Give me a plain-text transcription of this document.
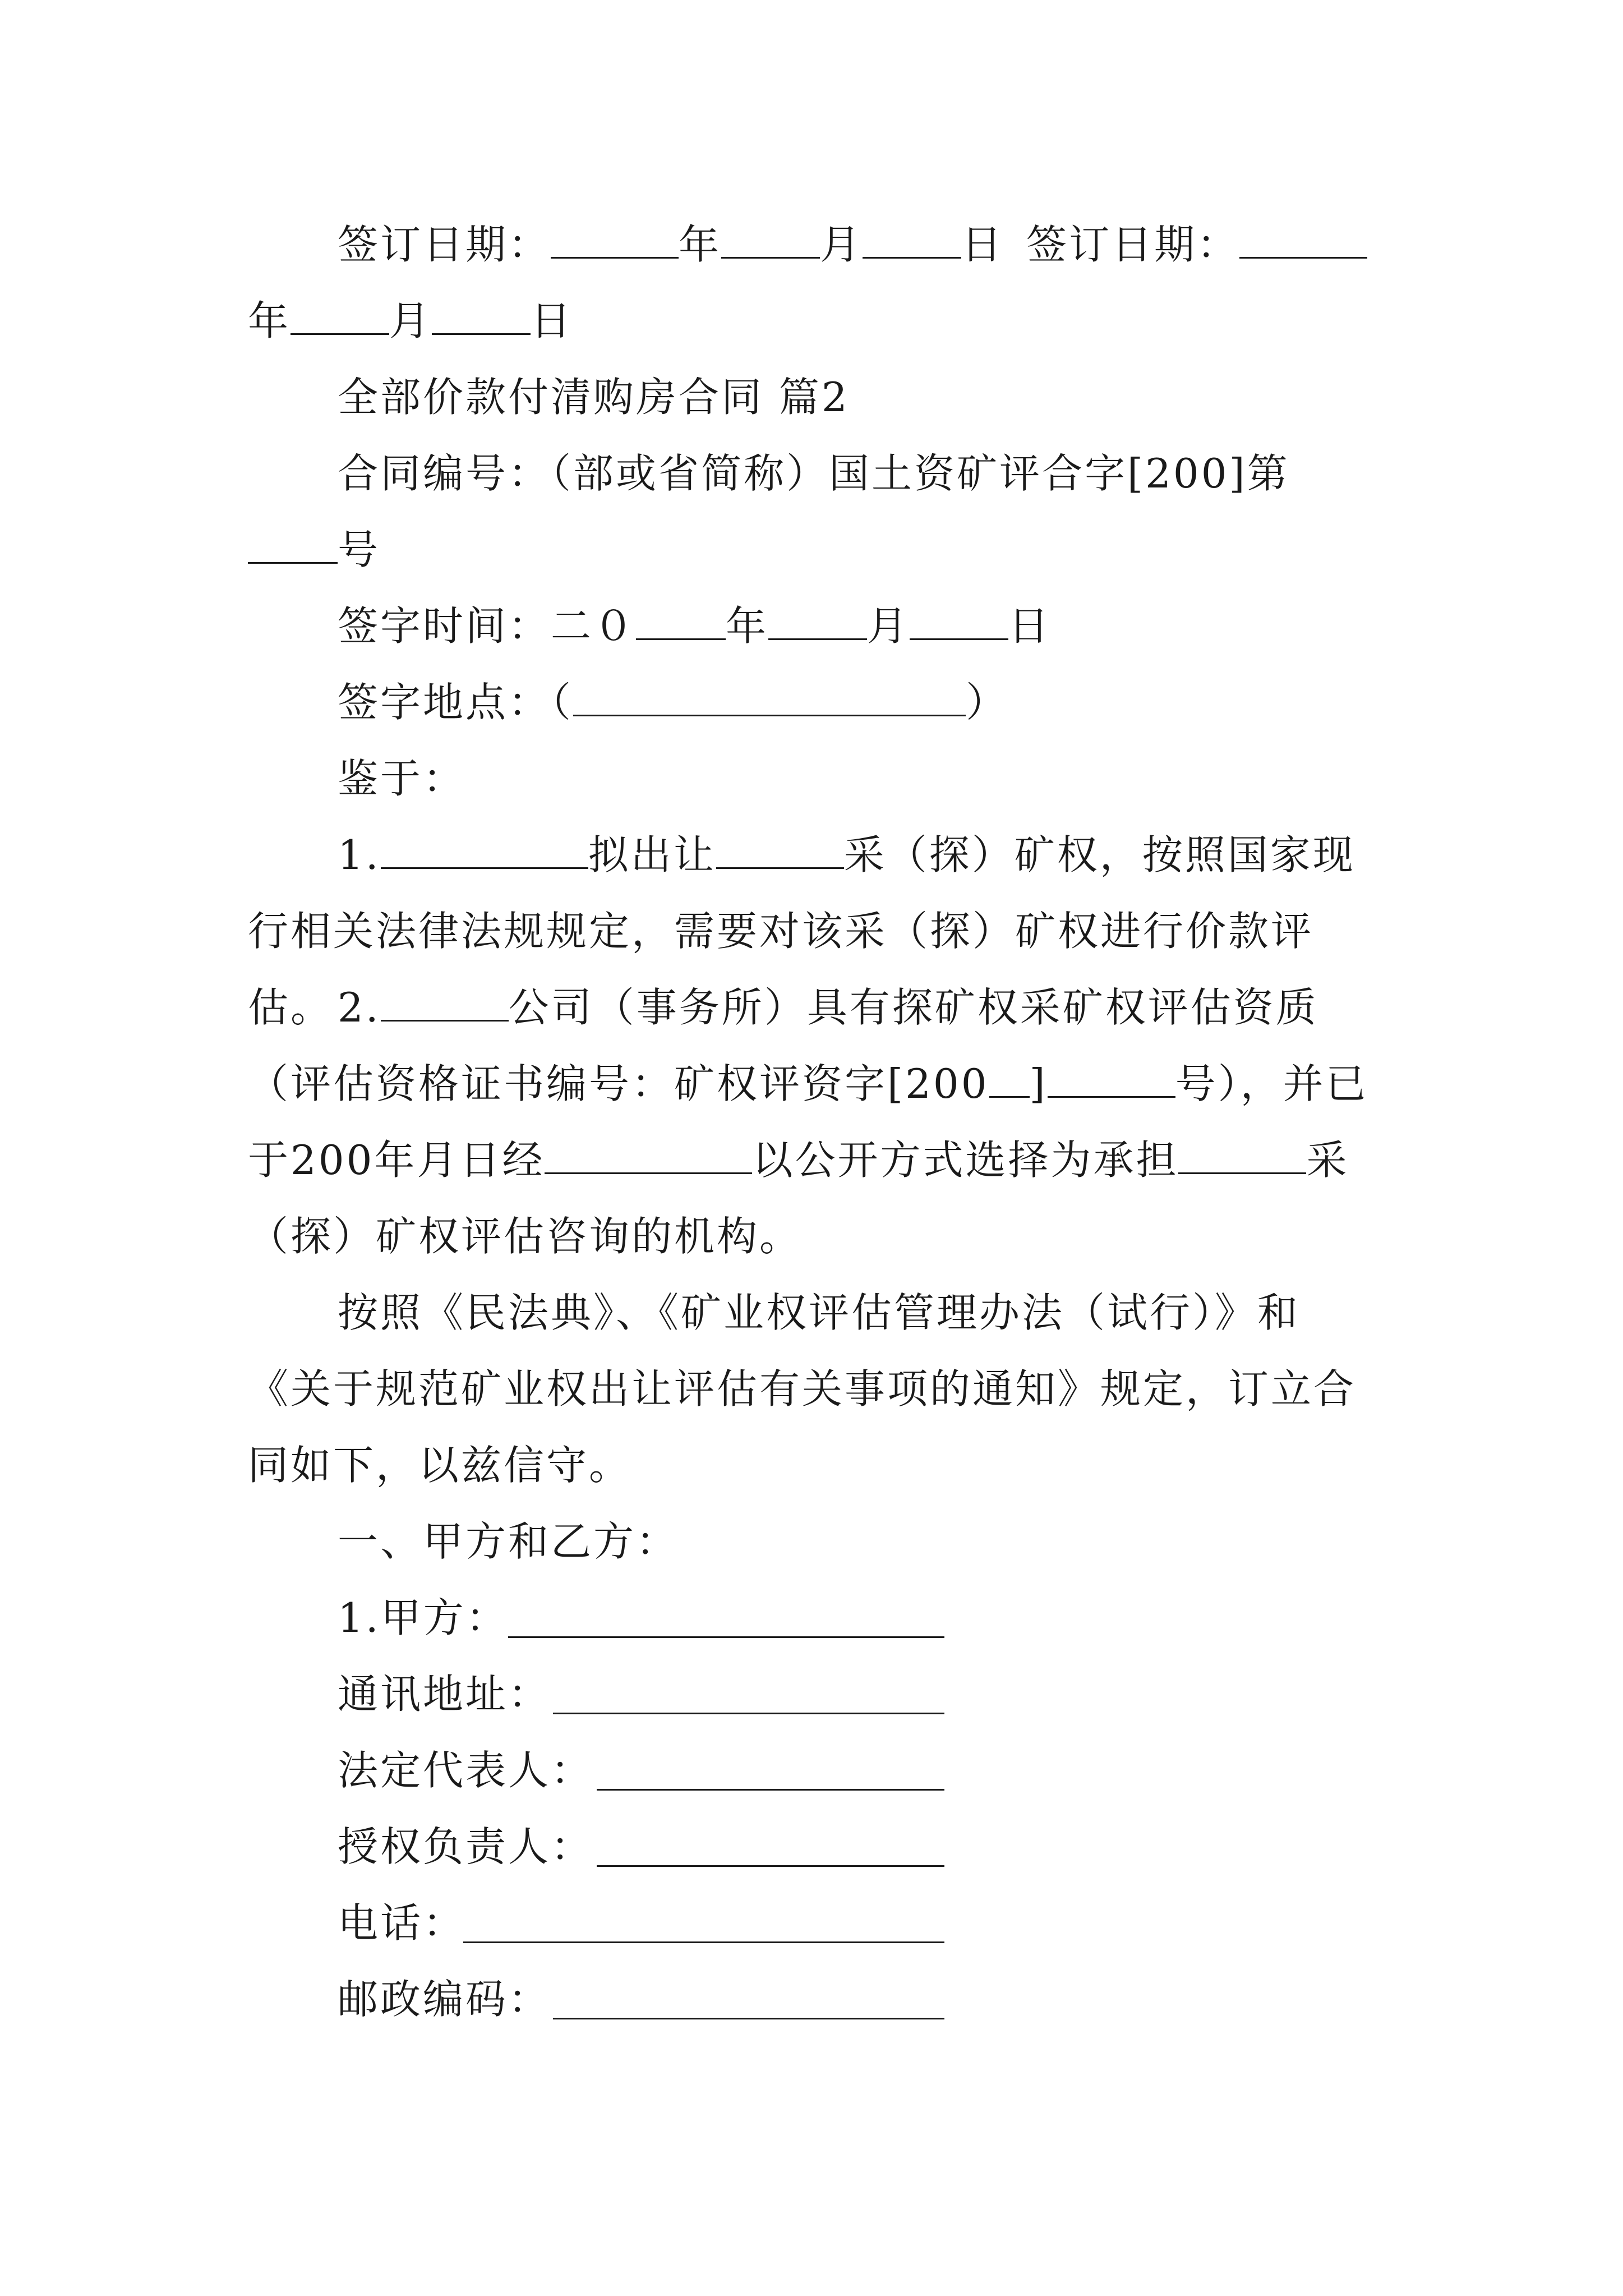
签订日期：	年 月 日 签订日期：年 月 日

全部价款付清购房合同 篇2

合同编号：（部或省简称）国土资矿评合字[200]第号

签字时间：二０ 年 月 日

签字地点：（	）

鉴于：

1.	拟出让	采（探）矿权，按照国家现行相关法律法规规定，需要对该采（探）矿权进行价款评估。 2.	公司（事务所）具有探矿权采矿权评估资质（评估资格证书编号：矿权评资字[200 ]	号），并已于200年月日经	以公开方式选择为承担	采（探）矿权评估咨询的机构。

按照《民法典》、《矿业权评估管理办法（试行）》和《关于规范矿业权出让评估有关事项的通知》规定，订立合同如下，以兹信守。

一、甲方和乙方：

1.甲方：
通讯地址：
法定代表人：
授权负责人：
电话：
邮政编码：
